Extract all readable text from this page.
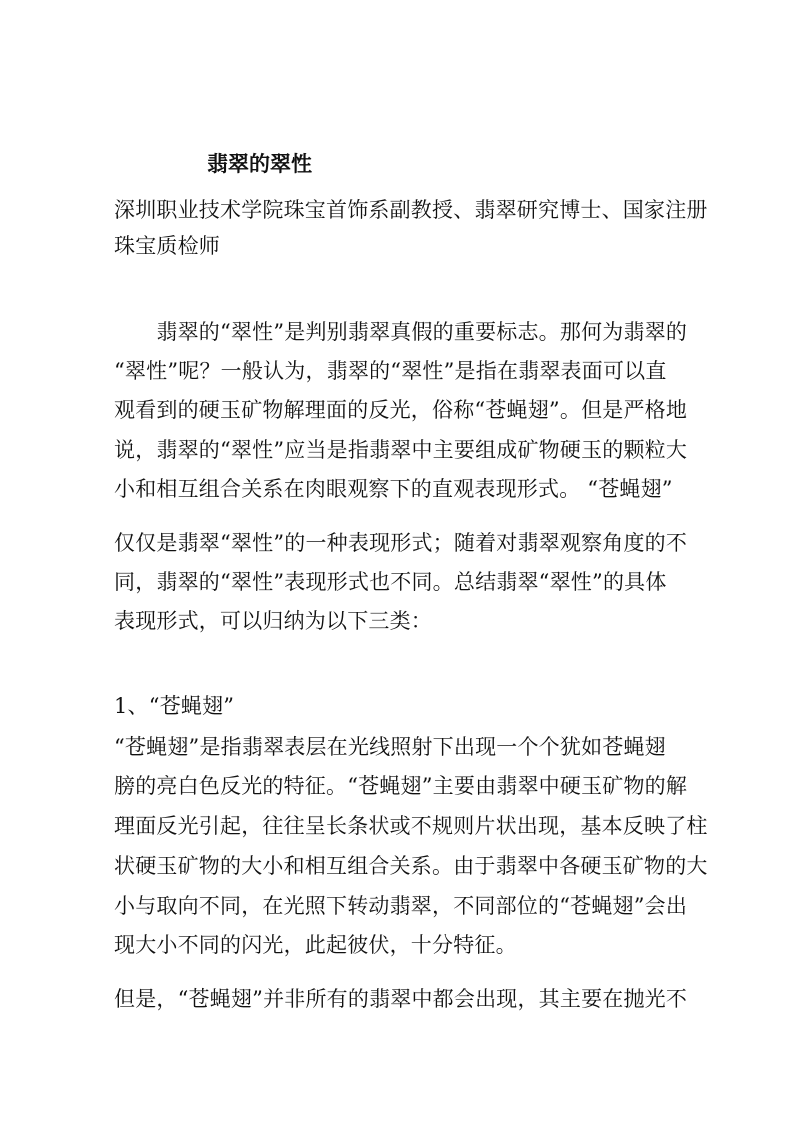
翡翠的翠性
深圳职业技术学院珠宝首饰系副教授、翡翠研究博士、国家注册
珠宝质检师
　　翡翠的“翠性”是判别翡翠真假的重要标志。那何为翡翠的
“翠性”呢？一般认为，翡翠的“翠性”是指在翡翠表面可以直
观看到的硬玉矿物解理面的反光，俗称“苍蝇翅”。但是严格地
说，翡翠的“翠性”应当是指翡翠中主要组成矿物硬玉的颗粒大
小和相互组合关系在肉眼观察下的直观表现形式。 “苍蝇翅”
仅仅是翡翠“翠性”的一种表现形式；随着对翡翠观察角度的不
同，翡翠的“翠性”表现形式也不同。总结翡翠“翠性”的具体
表现形式，可以归纳为以下三类：
1、“苍蝇翅”
“苍蝇翅”是指翡翠表层在光线照射下出现一个个犹如苍蝇翅
膀的亮白色反光的特征。“苍蝇翅”主要由翡翠中硬玉矿物的解
理面反光引起，往往呈长条状或不规则片状出现，基本反映了柱
状硬玉矿物的大小和相互组合关系。由于翡翠中各硬玉矿物的大
小与取向不同，在光照下转动翡翠，不同部位的“苍蝇翅”会出
现大小不同的闪光，此起彼伏，十分特征。
但是，“苍蝇翅”并非所有的翡翠中都会出现，其主要在抛光不
